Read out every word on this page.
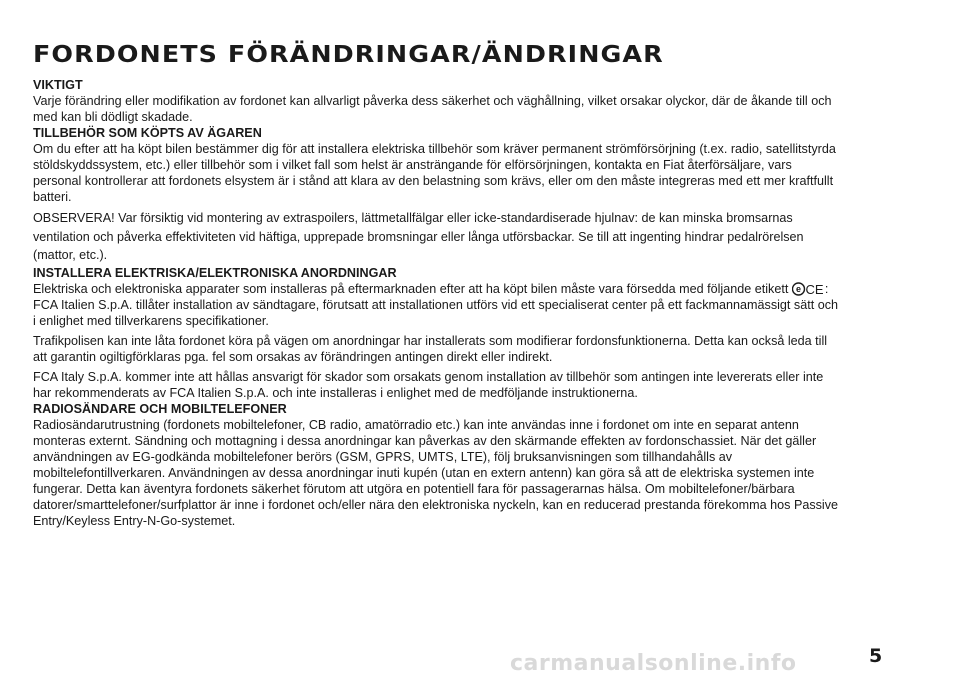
FORDONETS FÖRÄNDRINGAR/ÄNDRINGAR

VIKTIGT

Varje förändring eller modifikation av fordonet kan allvarligt påverka dess säkerhet och väghållning, vilket orsakar olyckor, där de åkande till och med kan bli dödligt skadade.

TILLBEHÖR SOM KÖPTS AV ÄGAREN

Om du efter att ha köpt bilen bestämmer dig för att installera elektriska tillbehör som kräver permanent strömförsörjning (t.ex. radio, satellitstyrda stöldskyddssystem, etc.) eller tillbehör som i vilket fall som helst är ansträngande för elförsörjningen, kontakta en Fiat återförsäljare, vars personal kontrollerar att fordonets elsystem är i stånd att klara av den belastning som krävs, eller om den måste integreras med ett mer kraftfullt batteri.

OBSERVERA! Var försiktig vid montering av extraspoilers, lättmetallfälgar eller icke-standardiserade hjulnav: de kan minska bromsarnas ventilation och påverka effektiviteten vid häftiga, upprepade bromsningar eller långa utförsbackar. Se till att ingenting hindrar pedalrörelsen (mattor, etc.).

INSTALLERA ELEKTRISKA/ELEKTRONISKA ANORDNINGAR

Elektriska och elektroniska apparater som installeras på eftermarknaden efter att ha köpt bilen måste vara försedda med följande etikett e CE : FCA Italien S.p.A. tillåter installation av sändtagare, förutsatt att installationen utförs vid ett specialiserat center på ett fackmannamässigt sätt och i enlighet med tillverkarens specifikationer.

Trafikpolisen kan inte låta fordonet köra på vägen om anordningar har installerats som modifierar fordonsfunktionerna. Detta kan också leda till att garantin ogiltigförklaras pga. fel som orsakas av förändringen antingen direkt eller indirekt.

FCA Italy S.p.A. kommer inte att hållas ansvarigt för skador som orsakats genom installation av tillbehör som antingen inte levererats eller inte har rekommenderats av FCA Italien S.p.A. och inte installeras i enlighet med de medföljande instruktionerna.

RADIOSÄNDARE OCH MOBILTELEFONER

Radiosändarutrustning (fordonets mobiltelefoner, CB radio, amatörradio etc.) kan inte användas inne i fordonet om inte en separat antenn monteras externt. Sändning och mottagning i dessa anordningar kan påverkas av den skärmande effekten av fordonschassiet. När det gäller användningen av EG-godkända mobiltelefoner berörs (GSM, GPRS, UMTS, LTE), följ bruksanvisningen som tillhandahålls av mobiltelefontillverkaren. Användningen av dessa anordningar inuti kupén (utan en extern antenn) kan göra så att de elektriska systemen inte fungerar. Detta kan äventyra fordonets säkerhet förutom att utgöra en potentiell fara för passagerarnas hälsa. Om mobiltelefoner/bärbara datorer/smarttelefoner/surfplattor är inne i fordonet och/eller nära den elektroniska nyckeln, kan en reducerad prestanda förekomma hos Passive Entry/Keyless Entry-N-Go-systemet.

carmanualsonline.info	5
